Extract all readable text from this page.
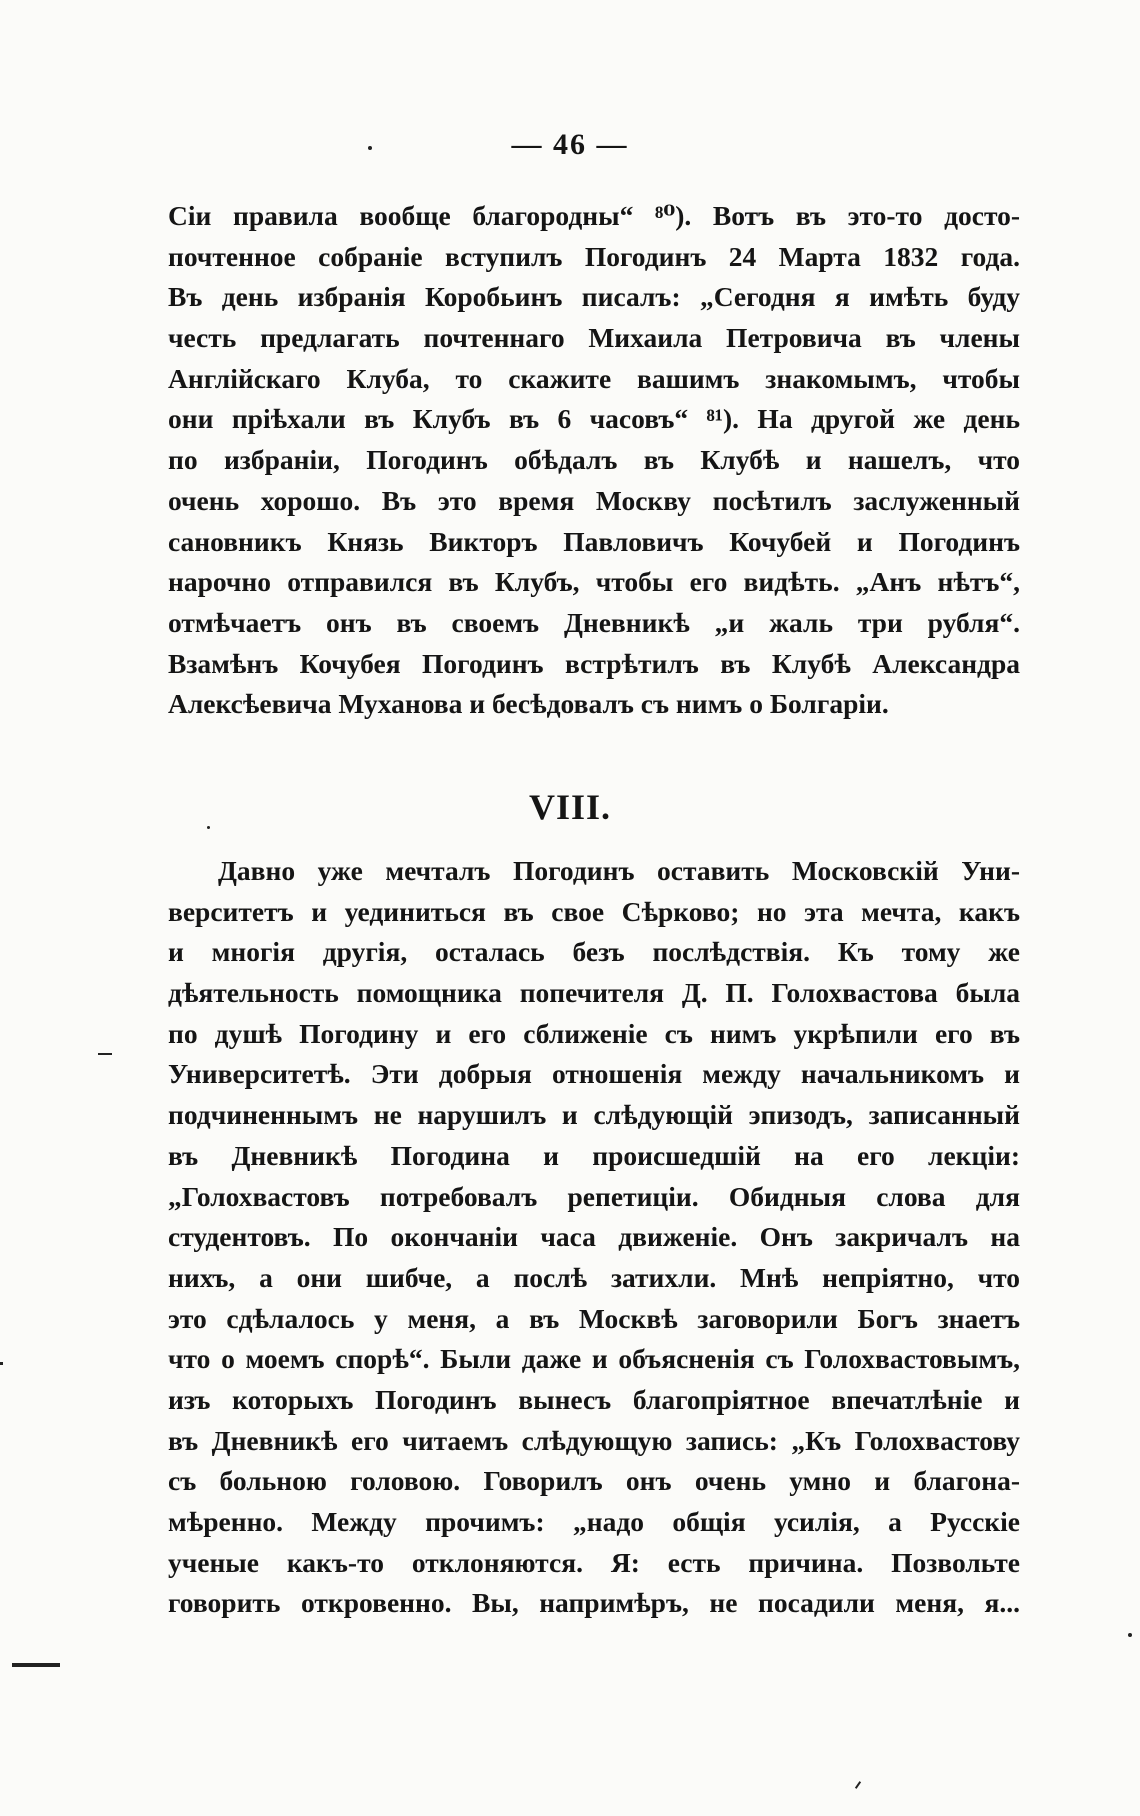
— 46 —
Сіи правила вообще благородны“ ⁸⁰). Вотъ въ это-то досто-
почтенное собраніе вступилъ Погодинъ 24 Марта 1832 года.
Въ день избранія Коробьинъ писалъ: „Сегодня я имѣть буду
честь предлагать почтеннаго Михаила Петровича въ члены
Англійскаго Клуба, то скажите вашимъ знакомымъ, чтобы
они пріѣхали въ Клубъ въ 6 часовъ“ ⁸¹). На другой же день
по избраніи, Погодинъ обѣдалъ въ Клубѣ и нашелъ, что
очень хорошо. Въ это время Москву посѣтилъ заслуженный
сановникъ Князь Викторъ Павловичъ Кочубей и Погодинъ
нарочно отправился въ Клубъ, чтобы его видѣть. „Анъ нѣтъ“,
отмѣчаетъ онъ въ своемъ Дневникѣ „и жаль три рубля“.
Взамѣнъ Кочубея Погодинъ встрѣтилъ въ Клубѣ Александра
Алексѣевича Муханова и бесѣдовалъ съ нимъ о Болгаріи.
VIII.
Давно уже мечталъ Погодинъ оставить Московскій Уни-
верситетъ и уединиться въ свое Сѣрково; но эта мечта, какъ
и многія другія, осталась безъ послѣдствія. Къ тому же
дѣятельность помощника попечителя Д. П. Голохвастова была
по душѣ Погодину и его сближеніе съ нимъ укрѣпили его въ
Университетѣ. Эти добрыя отношенія между начальникомъ и
подчиненнымъ не нарушилъ и слѣдующій эпизодъ, записанный
въ Дневникѣ Погодина и происшедшій на его лекціи:
„Голохвастовъ потребовалъ репетиціи. Обидныя слова для
студентовъ. По окончаніи часа движеніе. Онъ закричалъ на
нихъ, а они шибче, а послѣ затихли. Мнѣ непріятно, что
это сдѣлалось у меня, а въ Москвѣ заговорили Богъ знаетъ
что о моемъ спорѣ“. Были даже и объясненія съ Голохвастовымъ,
изъ которыхъ Погодинъ вынесъ благопріятное впечатлѣніе и
въ Дневникѣ его читаемъ слѣдующую запись: „Къ Голохвастову
съ больною головою. Говорилъ онъ очень умно и благона-
мѣренно. Между прочимъ: „надо общія усилія, а Русскіе
ученые какъ-то отклоняются. Я: есть причина. Позвольте
говорить откровенно. Вы, напримѣръ, не посадили меня, я...
